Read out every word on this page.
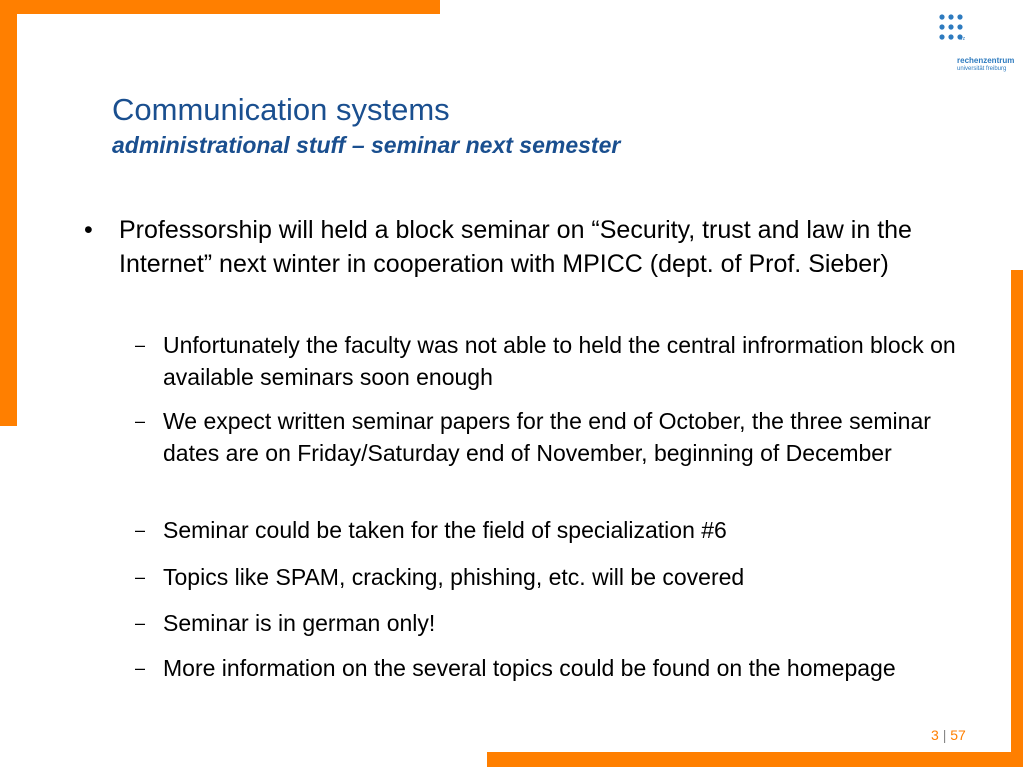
rz
rechenzentrum
universität freiburg
Communication systems
administrational stuff – seminar next semester
• Professorship will held a block seminar on “Security, trust and law in the Internet” next winter in cooperation with MPICC (dept. of Prof. Sieber)
– Unfortunately the faculty was not able to held the central infrormation block on available seminars soon enough
– We expect written seminar papers for the end of October, the three seminar dates are on Friday/Saturday end of November, beginning of December
– Seminar could be taken for the field of specialization #6
– Topics like SPAM, cracking, phishing, etc. will be covered
– Seminar is in german only!
– More information on the several topics could be found on the homepage
3 | 57
